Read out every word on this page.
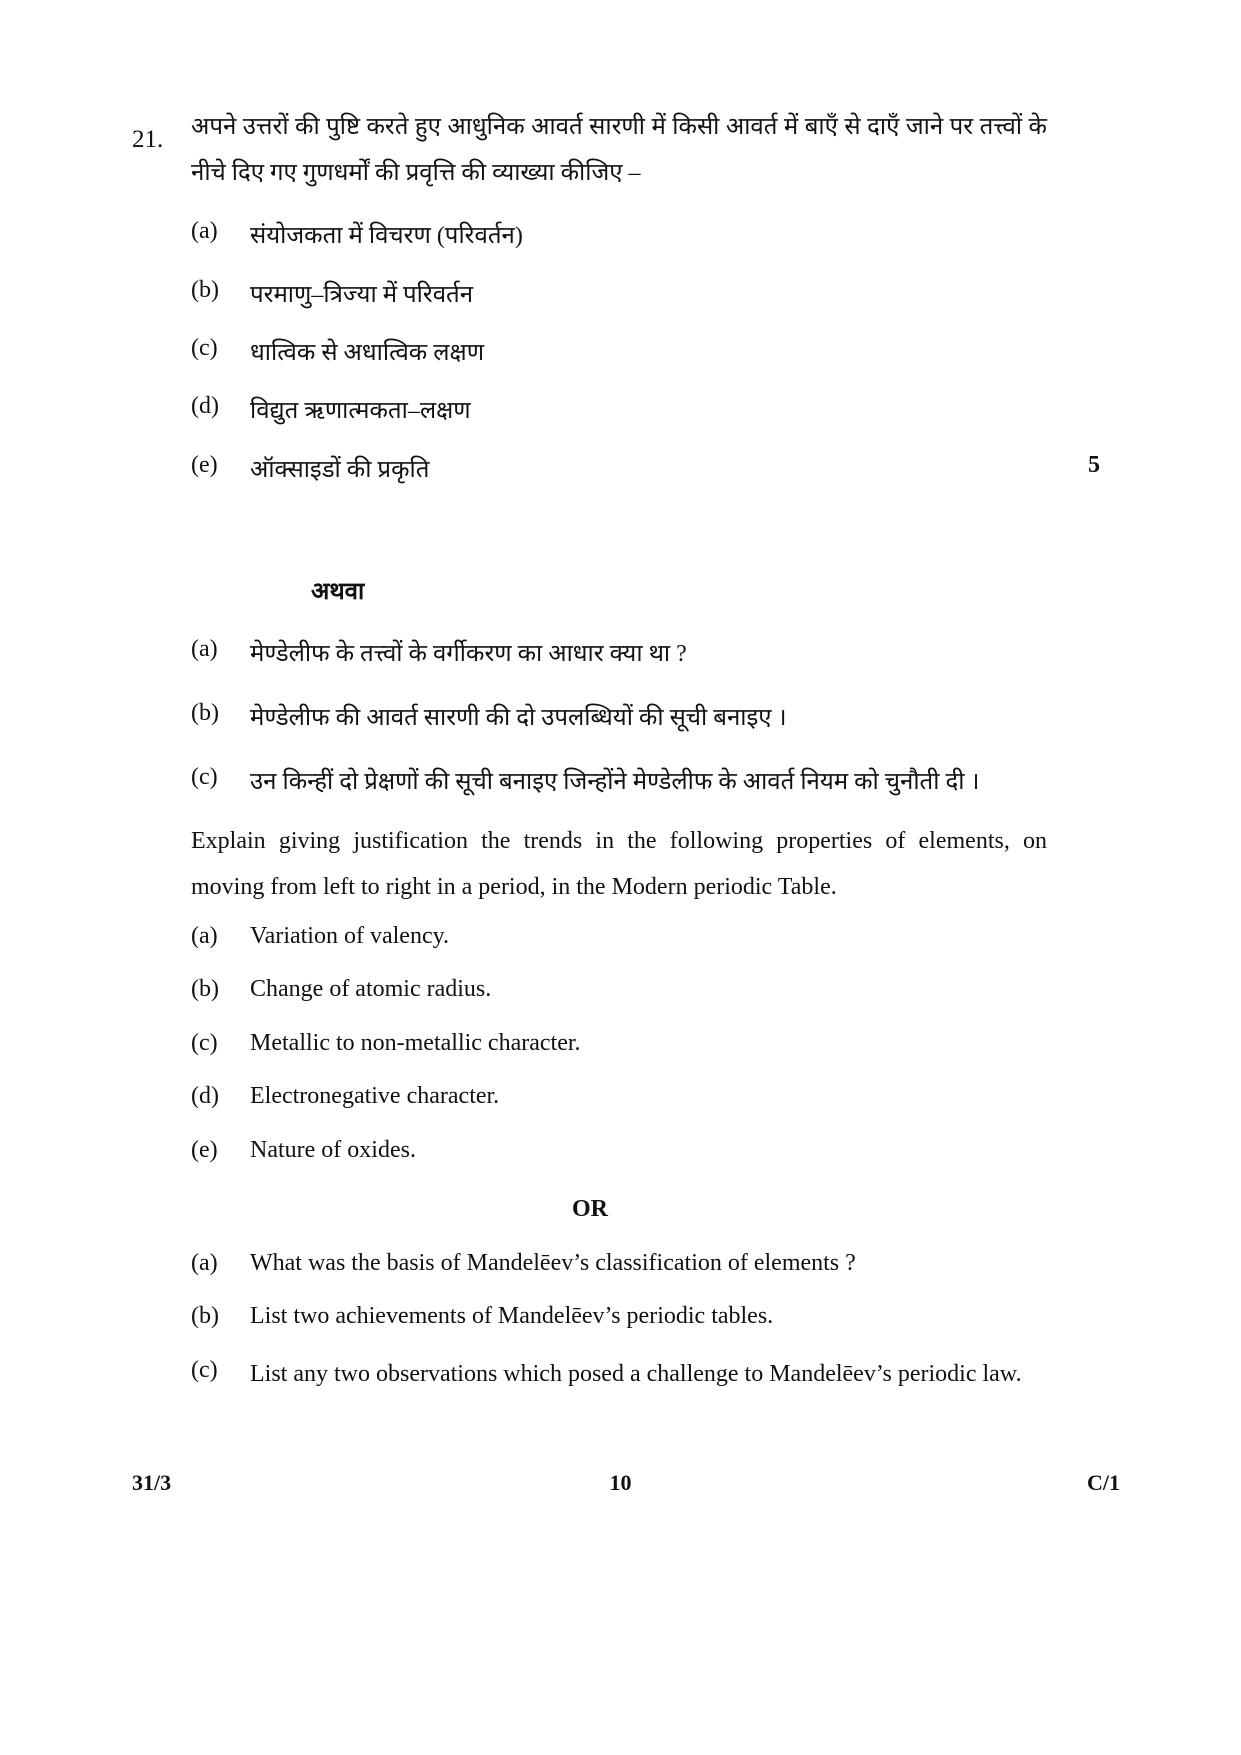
21. अपने उत्तरों की पुष्टि करते हुए आधुनिक आवर्त सारणी में किसी आवर्त में बाएँ से दाएँ जाने पर तत्त्वों के नीचे दिए गए गुणधर्मों की प्रवृत्ति की व्याख्या कीजिए –
(a) संयोजकता में विचरण (परिवर्तन)
(b) परमाणु–त्रिज्या में परिवर्तन
(c) धात्विक से अधात्विक लक्षण
(d) विद्युत ऋणात्मकता–लक्षण
(e) ऑक्साइडों की प्रकृति	5
अथवा
(a) मेण्डेलीफ के तत्त्वों के वर्गीकरण का आधार क्या था ?
(b) मेण्डेलीफ की आवर्त सारणी की दो उपलब्धियों की सूची बनाइए ।
(c) उन किन्हीं दो प्रेक्षणों की सूची बनाइए जिन्होंने मेण्डेलीफ के आवर्त नियम को चुनौती दी ।
Explain giving justification the trends in the following properties of elements, on moving from left to right in a period, in the Modern periodic Table.
(a) Variation of valency.
(b) Change of atomic radius.
(c) Metallic to non-metallic character.
(d) Electronegative character.
(e) Nature of oxides.
OR
(a) What was the basis of Mandelēev’s classification of elements ?
(b) List two achievements of Mandelēev’s periodic tables.
(c) List any two observations which posed a challenge to Mandelēev’s periodic law.
31/3	10	C/1
